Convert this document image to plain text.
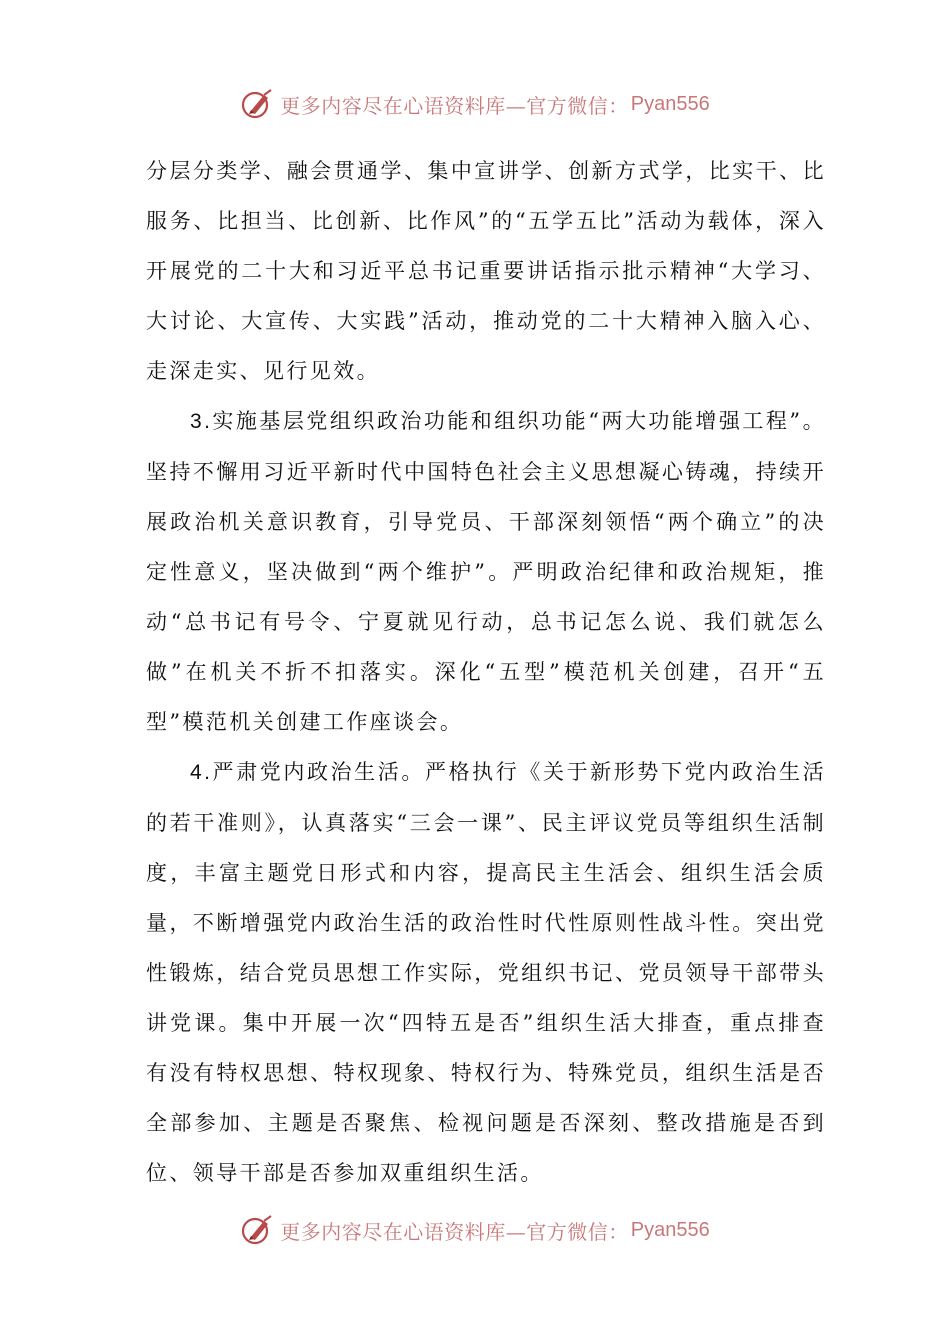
更多内容尽在心语资料库—官方微信： Pyan556

分层分类学、融会贯通学、集中宣讲学、创新方式学，比实干、比服务、比担当、比创新、比作风”的“五学五比”活动为载体，深入开展党的二十大和习近平总书记重要讲话指示批示精神“大学习、大讨论、大宣传、大实践”活动，推动党的二十大精神入脑入心、走深走实、见行见效。

3.实施基层党组织政治功能和组织功能“两大功能增强工程”。坚持不懈用习近平新时代中国特色社会主义思想凝心铸魂，持续开展政治机关意识教育，引导党员、干部深刻领悟“两个确立”的决定性意义，坚决做到“两个维护”。严明政治纪律和政治规矩，推动“总书记有号令、宁夏就见行动，总书记怎么说、我们就怎么做”在机关不折不扣落实。深化“五型”模范机关创建，召开“五型”模范机关创建工作座谈会。

4.严肃党内政治生活。严格执行《关于新形势下党内政治生活的若干准则》，认真落实“三会一课”、民主评议党员等组织生活制度，丰富主题党日形式和内容，提高民主生活会、组织生活会质量，不断增强党内政治生活的政治性时代性原则性战斗性。突出党性锻炼，结合党员思想工作实际，党组织书记、党员领导干部带头讲党课。集中开展一次“四特五是否”组织生活大排查，重点排查有没有特权思想、特权现象、特权行为、特殊党员，组织生活是否全部参加、主题是否聚焦、检视问题是否深刻、整改措施是否到位、领导干部是否参加双重组织生活。

更多内容尽在心语资料库—官方微信： Pyan556
